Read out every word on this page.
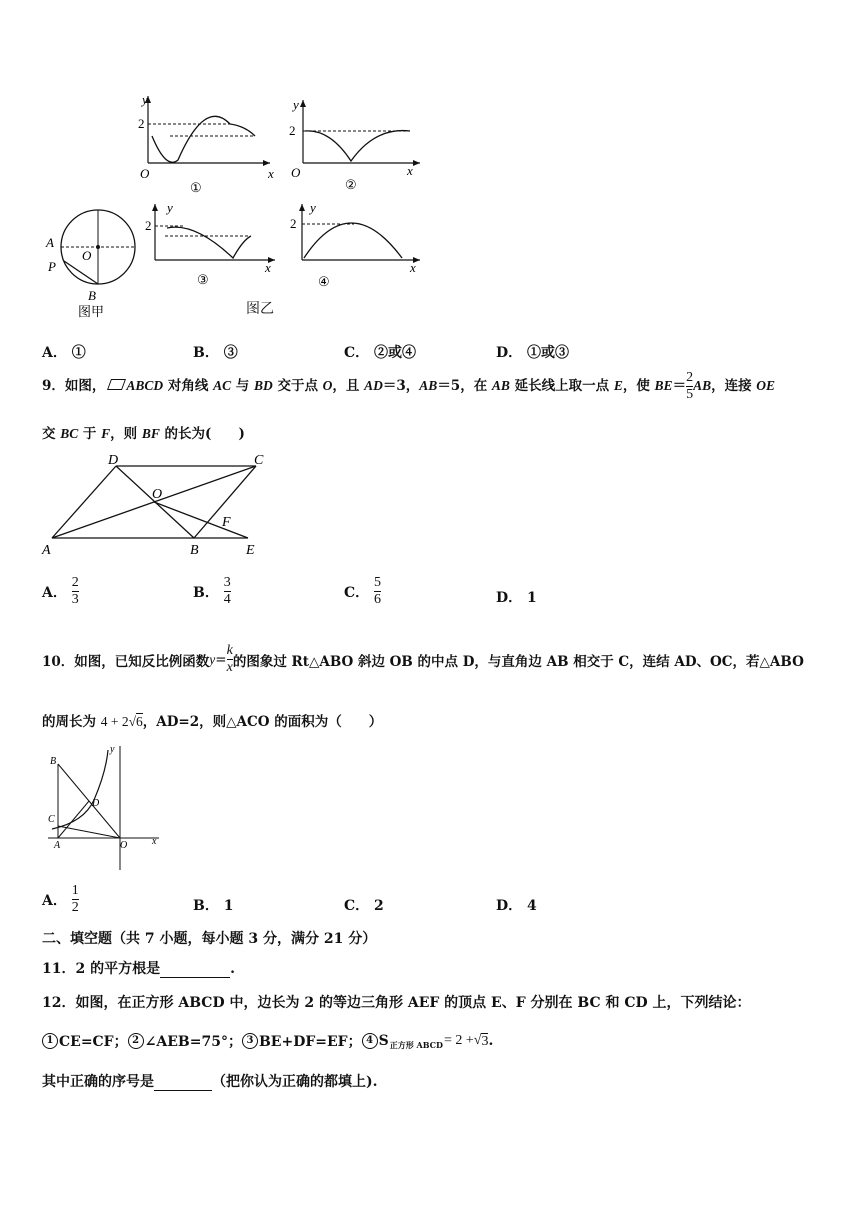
y
2
O	x
①
y
2
O	x
②
A
P
O
B
图甲
y
2
x
③
y
2
x
④
图乙
A． ①	B． ③	C． ②或④	D． ①或③
9．如图， ABCD 对角线 AC 与 BD 交于点 O，且 AD＝3，AB＝5，在 AB 延长线上取一点 E，使 $BE= \frac{2}{5}$ AB，连接 OE
交 BC 于 F，则 BF 的长为(　　)
D	C
O
F
A	B	E
A．
$\frac{2}{3}$	B．
$\frac{3}{4}$	C．
$\frac{5}{6}$	D． 1
10．如图，已知反比例函数 $y = \frac{k}{x}$ 的图象过 Rt△ABO 斜边 OB 的中点 D，与直角边 AB 相交于 C，连结 AD、OC，若△ABO
的周长为 4 + 2√6，AD=2，则△ACO 的面积为（　　）
B
y
D
C
A	O x
A．
$\frac{1}{2}$	B． 1	C． 2	D． 4
二、填空题（共 7 小题，每小题 3 分，满分 21 分）
11．2 的平方根是	.
12．如图，在正方形 ABCD 中，边长为 2 的等边三角形 AEF 的顶点 E、F 分别在 BC 和 CD 上，下列结论：
1 CE=CF； 2 ∠AEB=75°； 3 BE+DF=EF； 4 S 正方形 ABCD = 2 + √ 3 .
其中正确的序号是	（把你认为正确的都填上).
